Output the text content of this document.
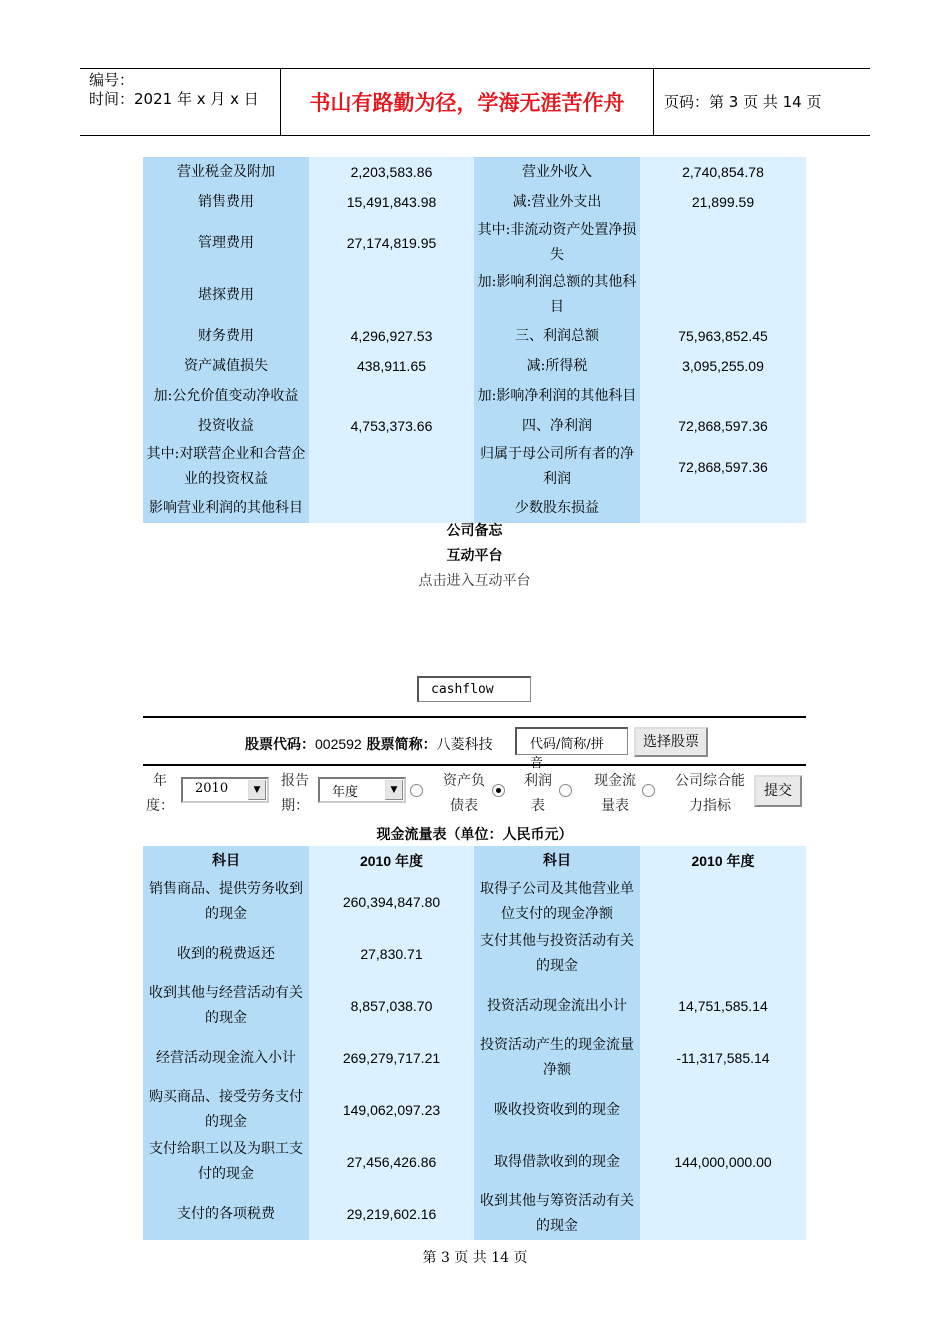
编号：
时间：2021 年 x 月 x 日	书山有路勤为径，学海无涯苦作舟	页码：第 3 页 共 14 页
营业税金及附加	2,203,583.86	营业外收入	2,740,854.78
销售费用	15,491,843.98	减:营业外支出	21,899.59
管理费用	27,174,819.95	其中:非流动资产处置净损失	
堪探费用		加:影响利润总额的其他科目	
财务费用	4,296,927.53	三、利润总额	75,963,852.45
资产减值损失	438,911.65	减:所得税	3,095,255.09
加:公允价值变动净收益		加:影响净利润的其他科目	
投资收益	4,753,373.66	四、净利润	72,868,597.36
其中:对联营企业和合营企业的投资权益		归属于母公司所有者的净利润	72,868,597.36
影响营业利润的其他科目		少数股东损益	
公司备忘
互动平台
点击进入互动平台
cashflow
股票代码：002592 股票简称：八菱科技	代码/简称/拼	选择股票
年度：
2010	▼
报告期：
年度	▼
资产负债表
利润表
现金流量表
公司综合能力指标
提交
现金流量表（单位：人民币元）
科目	2010 年度	科目	2010 年度
销售商品、提供劳务收到的现金	260,394,847.80	取得子公司及其他营业单位支付的现金净额	
收到的税费返还	27,830.71	支付其他与投资活动有关的现金	
收到其他与经营活动有关的现金	8,857,038.70	投资活动现金流出小计	14,751,585.14
经营活动现金流入小计	269,279,717.21	投资活动产生的现金流量净额	-11,317,585.14
购买商品、接受劳务支付的现金	149,062,097.23	吸收投资收到的现金	
支付给职工以及为职工支付的现金	27,456,426.86	取得借款收到的现金	144,000,000.00
支付的各项税费	29,219,602.16	收到其他与筹资活动有关的现金	
第 3 页 共 14 页
